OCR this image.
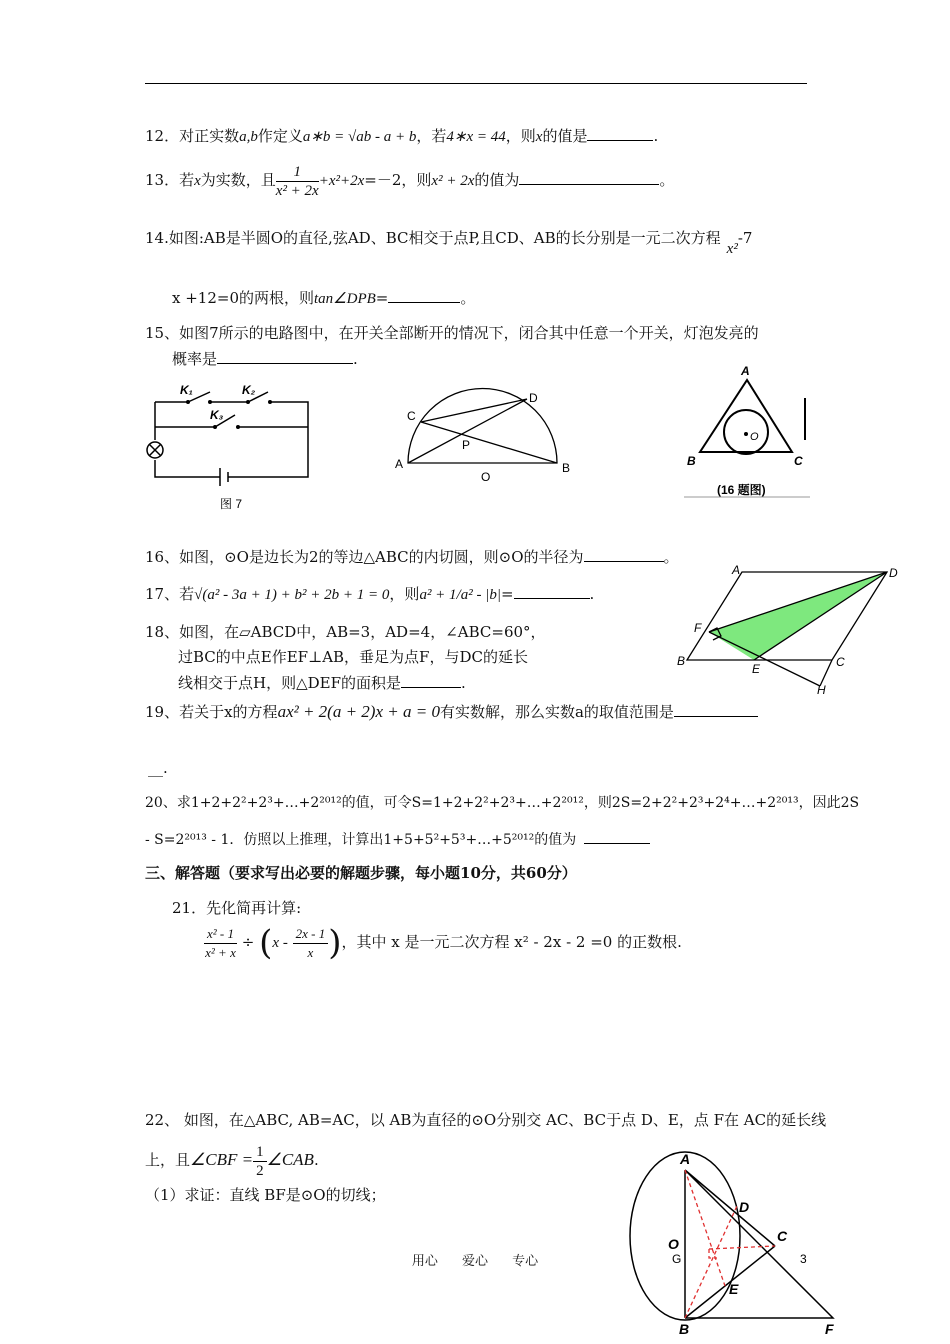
12．对正实数a,b作定义a∗b = √ab - a + b，若4∗x = 44，则x的值是	.
13．若x为实数，且 $\frac{1}{\text{x² + 2x}} +x^2+2x=-2$，则x² + 2x的值为	。
14.如图:AB是半圆O的直径,弦AD、BC相交于点P,且CD、AB的长分别是一元二次方程x²-7
x +12=0的两根，则tan∠DPB=	。
15、如图7所示的电路图中，在开关全部断开的情况下，闭合其中任意一个开关，灯泡发亮的
概率是	.
K₁	K₂
K₃
图 7
A	B
C
D
P
O
A
B	C
O
(16 题图)
16、如图，⊙O是边长为2的等边△ABC的内切圆，则⊙O的半径为	。
17、若√(a² - 3a + 1) + b² + 2b + 1 = 0，则a² + 1/a² - |b|=	.
18、如图，在▱ABCD中，AB=3，AD=4，∠ABC=60°，
过BC的中点E作EF⊥AB，垂足为点F，与DC的延长
线相交于点H，则△DEF的面积是	.
A	D
F
B
E	C
H
19、若关于x的方程ax² + 2(a + 2)x + a = 0有实数解，那么实数a的取值范围是
__.
20、求1+2+2²+2³+…+2²⁰¹²的值，可令S=1+2+2²+2³+…+2²⁰¹²，则2S=2+2²+2³+2⁴+…+2²⁰¹³，因此2S
- S=2²⁰¹³ - 1．仿照以上推理，计算出1+5+5²+5³+…+5²⁰¹²的值为
三、解答题（要求写出必要的解题步骤，每小题10分，共60分）
21．先化简再计算:
$\frac{\text{x² - 1}}{\text{x² + x}} \div (x - \frac{2x - 1}{x}$ )，其中 x 是一元二次方程 x² - 2x - 2 =0 的正数根.
22、 如图，在△ABC, AB=AC，以 AB为直径的⊙O分别交 AC、BC于点 D、E，点 F在 AC的延长线
上，且∠CBF = $\frac{1}{2}$ ∠CAB.
（1）求证：直线 BF是⊙O的切线；
A
B
C
D
E
F
O
G	3
用心 爱心 专心
